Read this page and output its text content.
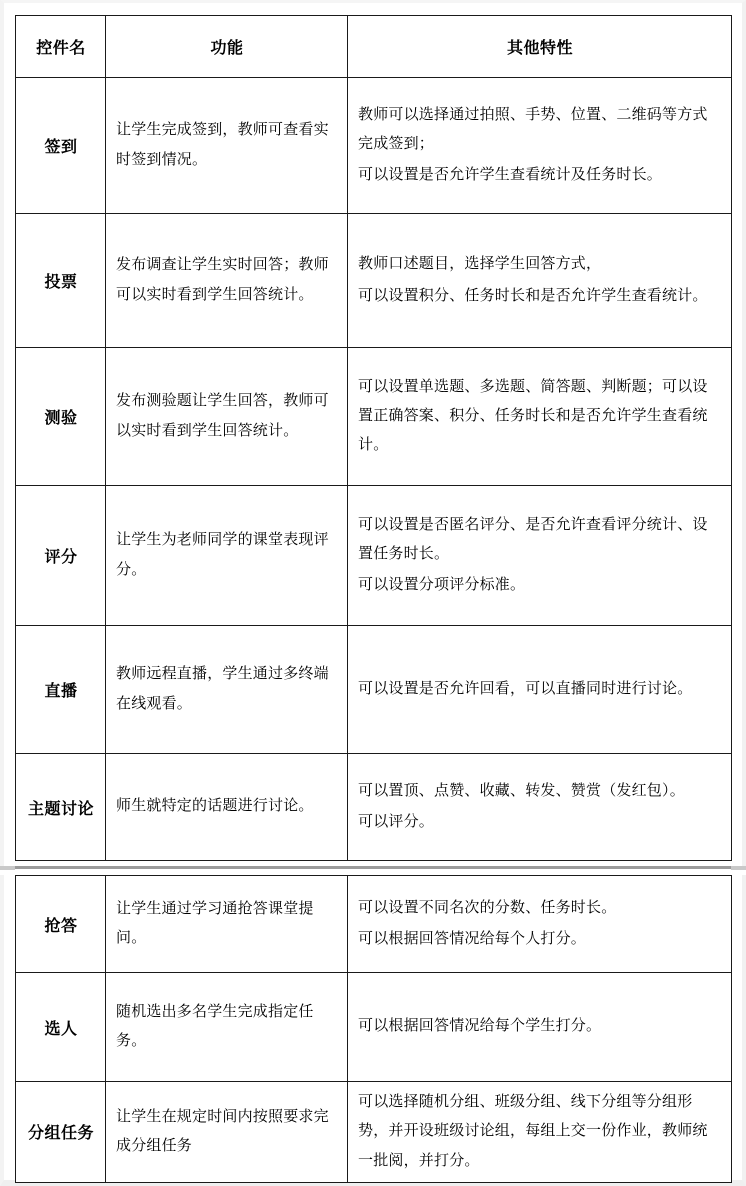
控件名	功能	其他特性
签到	让学生完成签到，教师可查看实时签到情况。	教师可以选择通过拍照、手势、位置、二维码等方式完成签到；

可以设置是否允许学生查看统计及任务时长。

投票	发布调查让学生实时回答；教师可以实时看到学生回答统计。	教师口述题目，选择学生回答方式，

可以设置积分、任务时长和是否允许学生查看统计。

测验	发布测验题让学生回答，教师可以实时看到学生回答统计。	可以设置单选题、多选题、简答题、判断题；可以设置正确答案、积分、任务时长和是否允许学生查看统计。

评分	让学生为老师同学的课堂表现评分。	可以设置是否匿名评分、是否允许查看评分统计、设置任务时长。

可以设置分项评分标准。

直播	教师远程直播，学生通过多终端在线观看。	可以设置是否允许回看，可以直播同时进行讨论。

主题讨论	师生就特定的话题进行讨论。	可以置顶、点赞、收藏、转发、赞赏（发红包）。

可以评分。

抢答	让学生通过学习通抢答课堂提问。	可以设置不同名次的分数、任务时长。

可以根据回答情况给每个人打分。

选人	随机选出多名学生完成指定任务。	可以根据回答情况给每个学生打分。

分组任务	让学生在规定时间内按照要求完成分组任务	可以选择随机分组、班级分组、线下分组等分组形势，并开设班级讨论组，每组上交一份作业，教师统一批阅，并打分。
